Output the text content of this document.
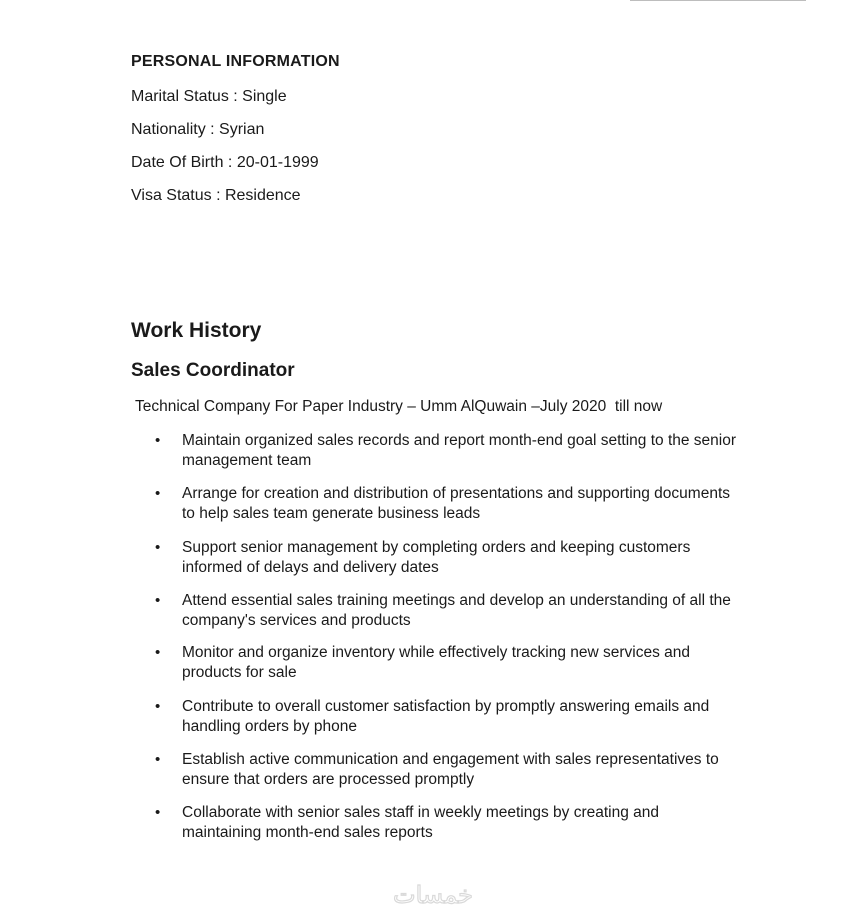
PERSONAL INFORMATION

Marital Status : Single

Nationality : Syrian

Date Of Birth : 20-01-1999

Visa Status : Residence

Work History
Sales Coordinator

Technical Company For Paper Industry – Umm AlQuwain –July 2020  till now

• Maintain organized sales records and report month-end goal setting to the senior management team
• Arrange for creation and distribution of presentations and supporting documents to help sales team generate business leads
• Support senior management by completing orders and keeping customers informed of delays and delivery dates
• Attend essential sales training meetings and develop an understanding of all the company's services and products
• Monitor and organize inventory while effectively tracking new services and products for sale
• Contribute to overall customer satisfaction by promptly answering emails and handling orders by phone
• Establish active communication and engagement with sales representatives to ensure that orders are processed promptly
• Collaborate with senior sales staff in weekly meetings by creating and maintaining month-end sales reports
خمسات
